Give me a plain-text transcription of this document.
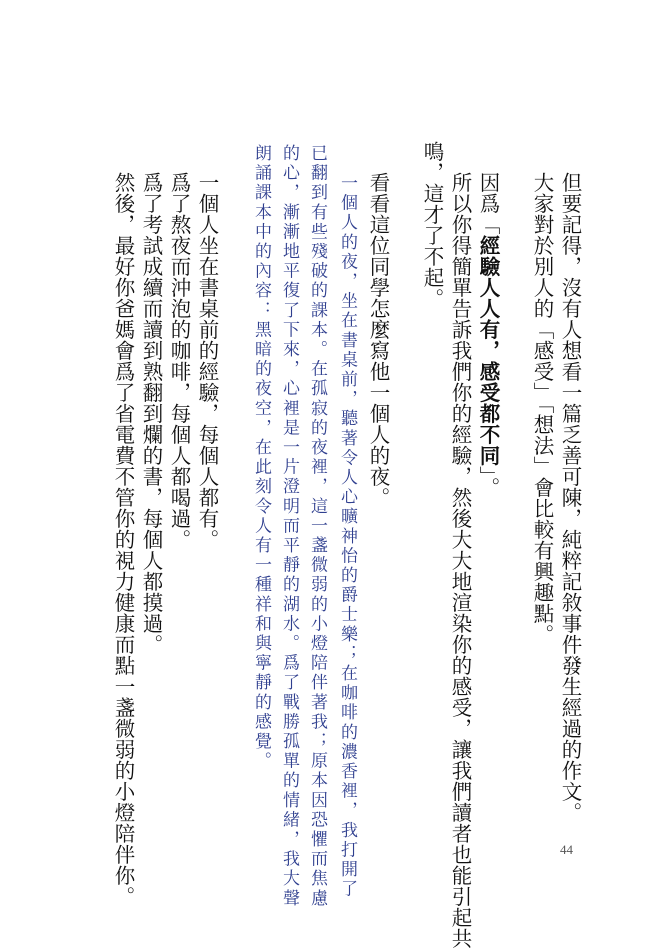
但要記得，沒有人想看一篇乏善可陳，純粹記敘事件發生經過的作文。

大家對於別人的「感受」「想法」會比較有興趣點。

因爲「經驗人人有，感受都不同」。

所以你得簡單告訴我們你的經驗，然後大大地渲染你的感受，讓我們讀者也能引起共

鳴，這才了不起。

看看這位同學怎麼寫他一個人的夜。

一個人的夜，坐在書桌前，聽著令人心曠神怡的爵士樂；在咖啡的濃香裡，我打開了

已翻到有些殘破的課本。在孤寂的夜裡，這一盞微弱的小燈陪伴著我；原本因恐懼而焦慮

的心，漸漸地平復了下來，心裡是一片澄明而平靜的湖水。爲了戰勝孤單的情緒，我大聲

朗誦課本中的內容：黑暗的夜空，在此刻令人有一種祥和與寧靜的感覺。

一個人坐在書桌前的經驗，每個人都有。

爲了熬夜而沖泡的咖啡，每個人都喝過。

爲了考試成續而讀到熟翻到爛的書，每個人都摸過。

然後，最好你爸媽會爲了省電費不管你的視力健康而點一盞微弱的小燈陪伴你。	44
